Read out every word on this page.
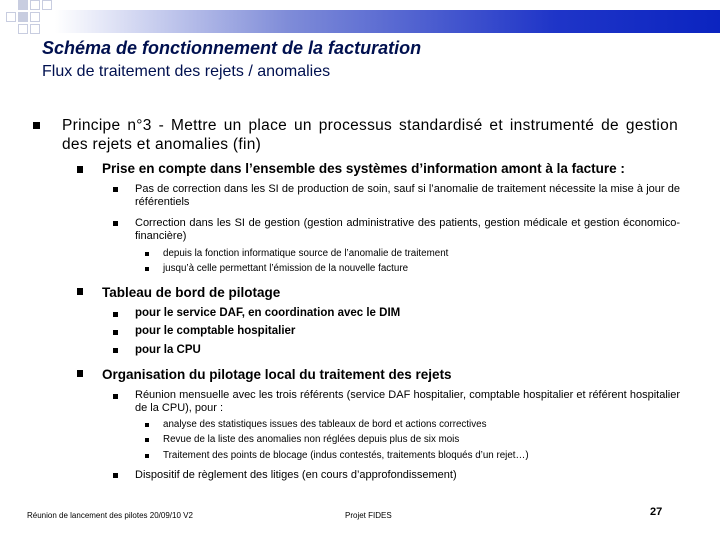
Schéma de fonctionnement de la facturation
Flux de traitement des rejets / anomalies
Principe n°3 - Mettre un place un processus standardisé et instrumenté de gestion des rejets et anomalies (fin)
Prise en compte dans l’ensemble des systèmes d’information amont à la facture :
Pas de correction dans les SI de production de soin, sauf si l’anomalie de traitement nécessite la mise à jour de référentiels
Correction dans les SI de gestion (gestion administrative des patients, gestion médicale et gestion économico-financière)
depuis la fonction informatique source de l’anomalie de traitement
jusqu’à celle permettant l’émission de la nouvelle facture
Tableau de bord de pilotage
pour le service DAF, en coordination avec le DIM
pour le comptable hospitalier
pour la CPU
Organisation du pilotage local du traitement des rejets
Réunion mensuelle avec les trois référents (service DAF hospitalier, comptable hospitalier et référent hospitalier de la CPU), pour :
analyse des statistiques issues des tableaux de bord et actions correctives
Revue de la liste des anomalies non réglées depuis plus de six mois
Traitement des points de blocage (indus contestés, traitements bloqués d’un rejet…)
Dispositif de règlement des litiges (en cours d’approfondissement)
Réunion de lancement des pilotes 20/09/10 V2	Projet FIDES	27
